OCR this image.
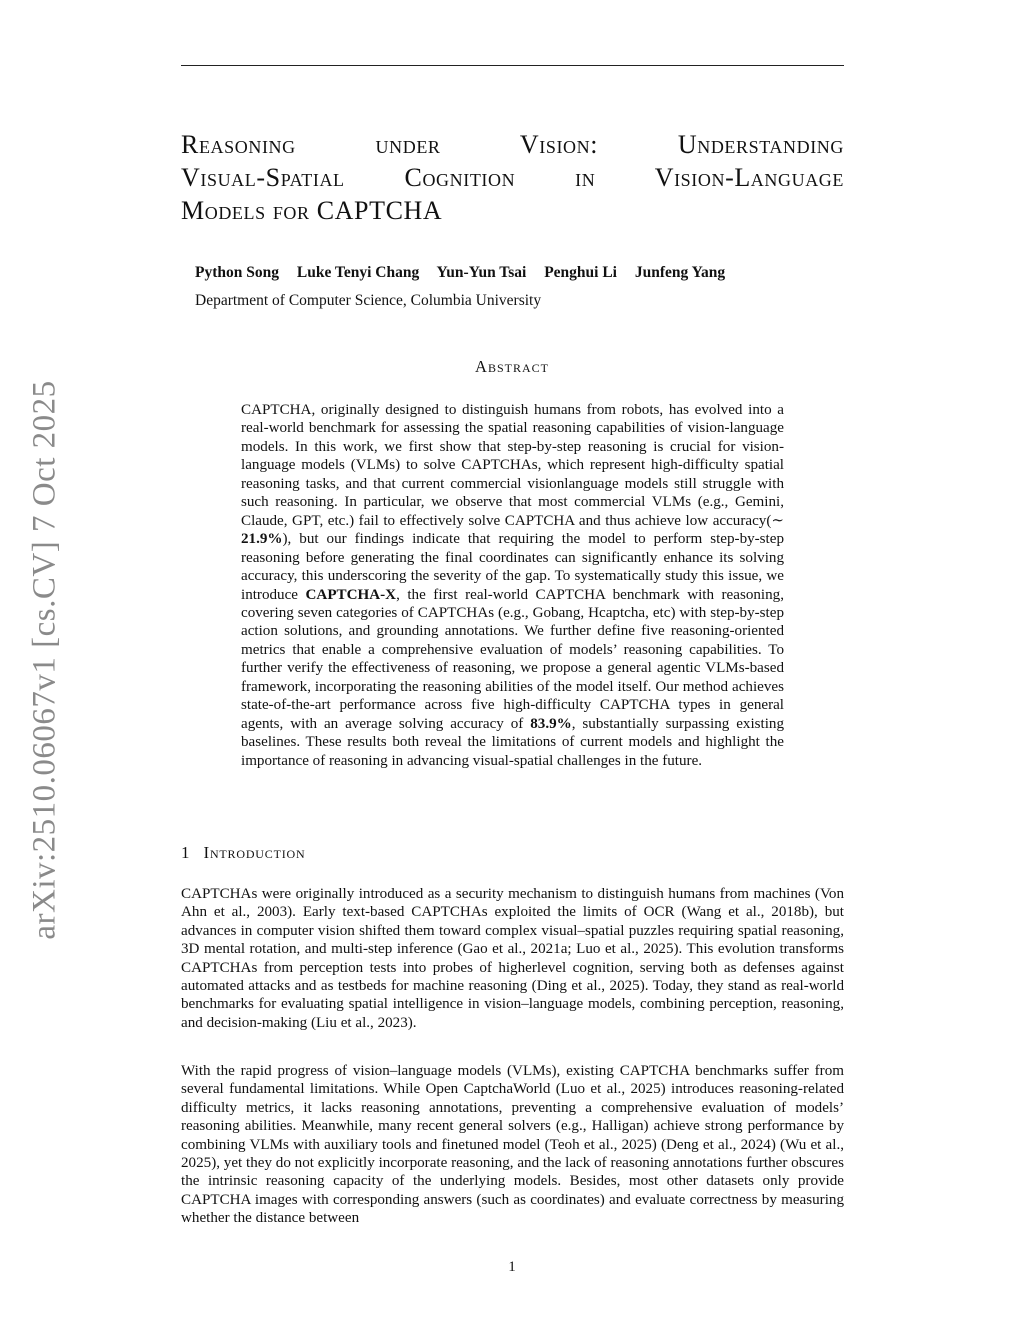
arXiv:2510.06067v1 [cs.CV] 7 Oct 2025
Reasoning under Vision: Understanding
Visual-Spatial Cognition in Vision-Language
Models for CAPTCHA
Python Song Luke Tenyi Chang Yun-Yun Tsai Penghui Li Junfeng Yang
Department of Computer Science, Columbia University
Abstract

CAPTCHA, originally designed to distinguish humans from robots, has evolved into a real-world benchmark for assessing the spatial reasoning capabilities of vision-language models. In this work, we first show that step-by-step reasoning is crucial for vision-language models (VLMs) to solve CAPTCHAs, which represent high-difficulty spatial reasoning tasks, and that current commercial visionlanguage models still struggle with such reasoning. In particular, we observe that most commercial VLMs (e.g., Gemini, Claude, GPT, etc.) fail to effectively solve CAPTCHA and thus achieve low accuracy(∼ 21.9%), but our findings indicate that requiring the model to perform step-by-step reasoning before generating the final coordinates can significantly enhance its solving accuracy, this underscoring the severity of the gap. To systematically study this issue, we introduce CAPTCHA-X, the first real-world CAPTCHA benchmark with reasoning, covering seven categories of CAPTCHAs (e.g., Gobang, Hcaptcha, etc) with step-by-step action solutions, and grounding annotations. We further define five reasoning-oriented metrics that enable a comprehensive evaluation of models’ reasoning capabilities. To further verify the effectiveness of reasoning, we propose a general agentic VLMs-based framework, incorporating the reasoning abilities of the model itself. Our method achieves state-of-the-art performance across five high-difficulty CAPTCHA types in general agents, with an average solving accuracy of 83.9%, substantially surpassing existing baselines. These results both reveal the limitations of current models and highlight the importance of reasoning in advancing visual-spatial challenges in the future.

1 Introduction

CAPTCHAs were originally introduced as a security mechanism to distinguish humans from machines (Von Ahn et al., 2003). Early text-based CAPTCHAs exploited the limits of OCR (Wang et al., 2018b), but advances in computer vision shifted them toward complex visual–spatial puzzles requiring spatial reasoning, 3D mental rotation, and multi-step inference (Gao et al., 2021a; Luo et al., 2025). This evolution transforms CAPTCHAs from perception tests into probes of higherlevel cognition, serving both as defenses against automated attacks and as testbeds for machine reasoning (Ding et al., 2025). Today, they stand as real-world benchmarks for evaluating spatial intelligence in vision–language models, combining perception, reasoning, and decision-making (Liu et al., 2023).

With the rapid progress of vision–language models (VLMs), existing CAPTCHA benchmarks suffer from several fundamental limitations. While Open CaptchaWorld (Luo et al., 2025) introduces reasoning-related difficulty metrics, it lacks reasoning annotations, preventing a comprehensive evaluation of models’ reasoning abilities. Meanwhile, many recent general solvers (e.g., Halligan) achieve strong performance by combining VLMs with auxiliary tools and finetuned model (Teoh et al., 2025) (Deng et al., 2024) (Wu et al., 2025), yet they do not explicitly incorporate reasoning, and the lack of reasoning annotations further obscures the intrinsic reasoning capacity of the underlying models. Besides, most other datasets only provide CAPTCHA images with corresponding answers (such as coordinates) and evaluate correctness by measuring whether the distance between

1
